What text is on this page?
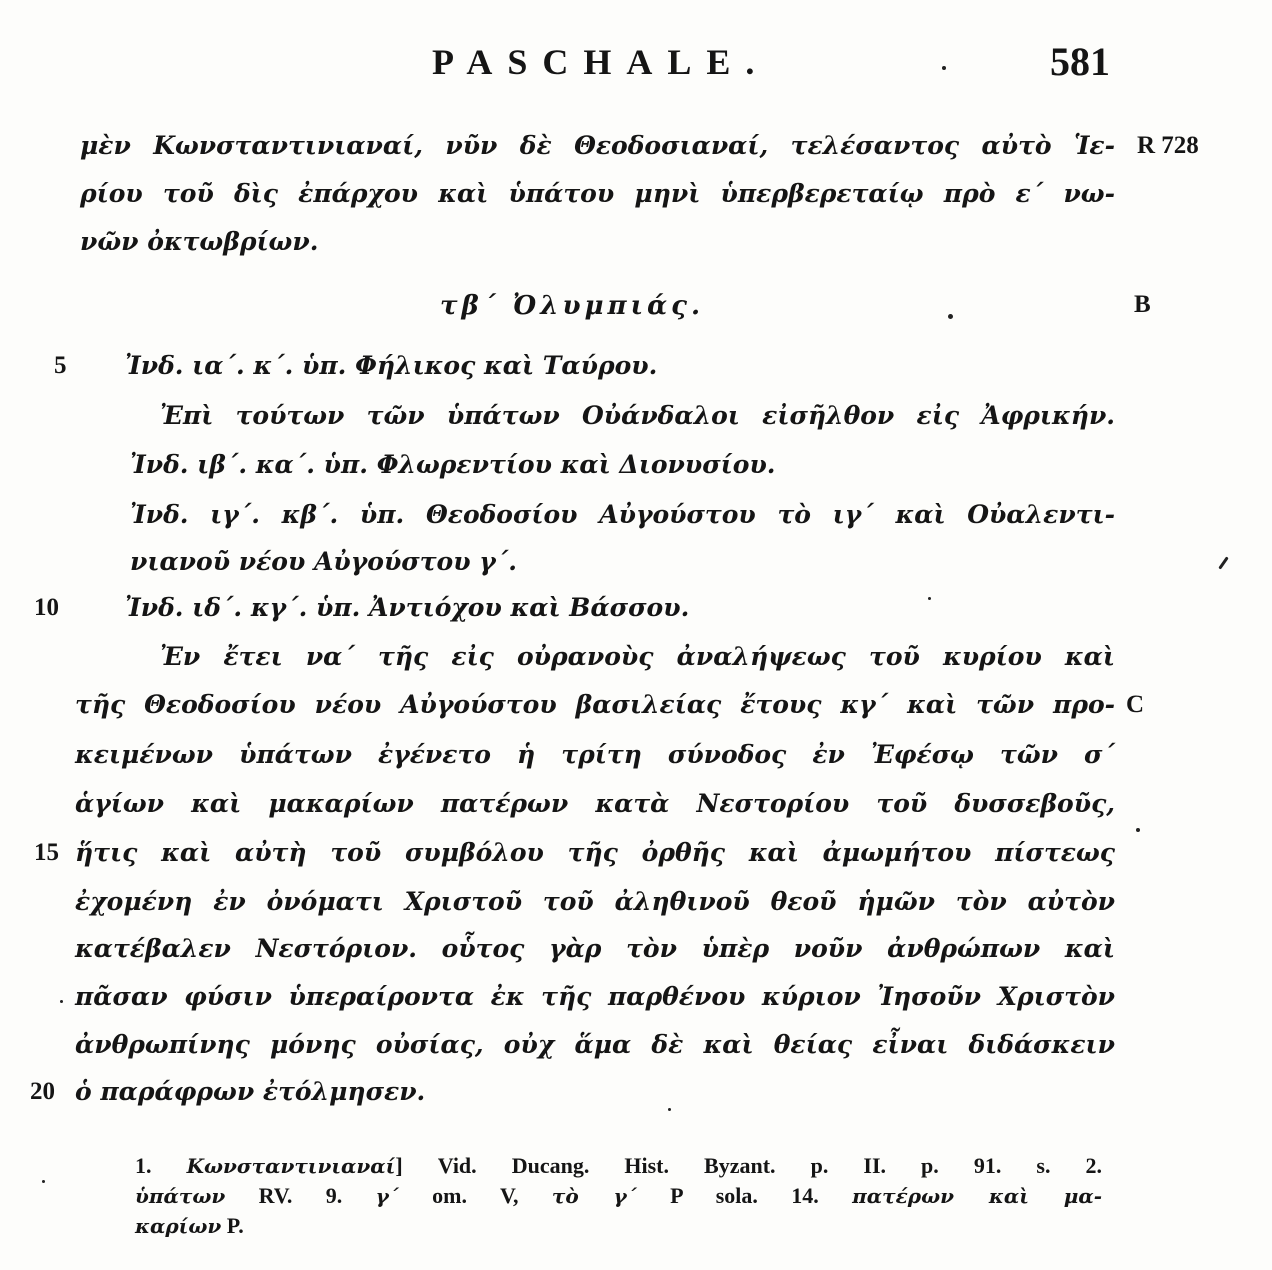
PASCHALE.	581
R 728
B
C
5
10
15
20
μὲν Κωνσταντινιαναί, νῦν δὲ Θεοδοσιαναί, τελέσαντος αὐτὸ Ἱε-
ρίου τοῦ δὶς ἐπάρχου καὶ ὑπάτου μηνὶ ὑπερβερεταίῳ πρὸ ε΄ νω-
νῶν ὀκτωβρίων.
τβ΄ Ὀλυμπιάς.
Ἰνδ. ια΄. κ΄. ὑπ. Φήλικος καὶ Ταύρου.
Ἐπὶ τούτων τῶν ὑπάτων Οὐάνδαλοι εἰσῆλθον εἰς Ἀφρικήν.
Ἰνδ. ιβ΄. κα΄. ὑπ. Φλωρεντίου καὶ Διονυσίου.
Ἰνδ. ιγ΄. κβ΄. ὑπ. Θεοδοσίου Αὐγούστου τὸ ιγ΄ καὶ Οὐαλεντι-
νιανοῦ νέου Αὐγούστου γ΄.
Ἰνδ. ιδ΄. κγ΄. ὑπ. Ἀντιόχου καὶ Βάσσου.
Ἐν ἔτει να΄ τῆς εἰς οὐρανοὺς ἀναλήψεως τοῦ κυρίου καὶ
τῆς Θεοδοσίου νέου Αὐγούστου βασιλείας ἔτους κγ΄ καὶ τῶν προ-
κειμένων ὑπάτων ἐγένετο ἡ τρίτη σύνοδος ἐν Ἐφέσῳ τῶν σ΄
ἁγίων καὶ μακαρίων πατέρων κατὰ Νεστορίου τοῦ δυσσεβοῦς,
ἥτις καὶ αὐτὴ τοῦ συμβόλου τῆς ὀρθῆς καὶ ἀμωμήτου πίστεως
ἐχομένη ἐν ὀνόματι Χριστοῦ τοῦ ἀληθινοῦ θεοῦ ἡμῶν τὸν αὐτὸν
κατέβαλεν Νεστόριον. οὗτος γὰρ τὸν ὑπὲρ νοῦν ἀνθρώπων καὶ
πᾶσαν φύσιν ὑπεραίροντα ἐκ τῆς παρθένου κύριον Ἰησοῦν Χριστὸν
ἀνθρωπίνης μόνης οὐσίας, οὐχ ἅμα δὲ καὶ θείας εἶναι διδάσκειν
ὁ παράφρων ἐτόλμησεν.
1. Κωνσταντινιαναί] Vid. Ducang. Hist. Byzant. p. II. p. 91. s. 2.
ὑπάτων RV. 9. γ΄ om. V, τὸ γ΄ P sola. 14. πατέρων καὶ μα-
καρίων P.
